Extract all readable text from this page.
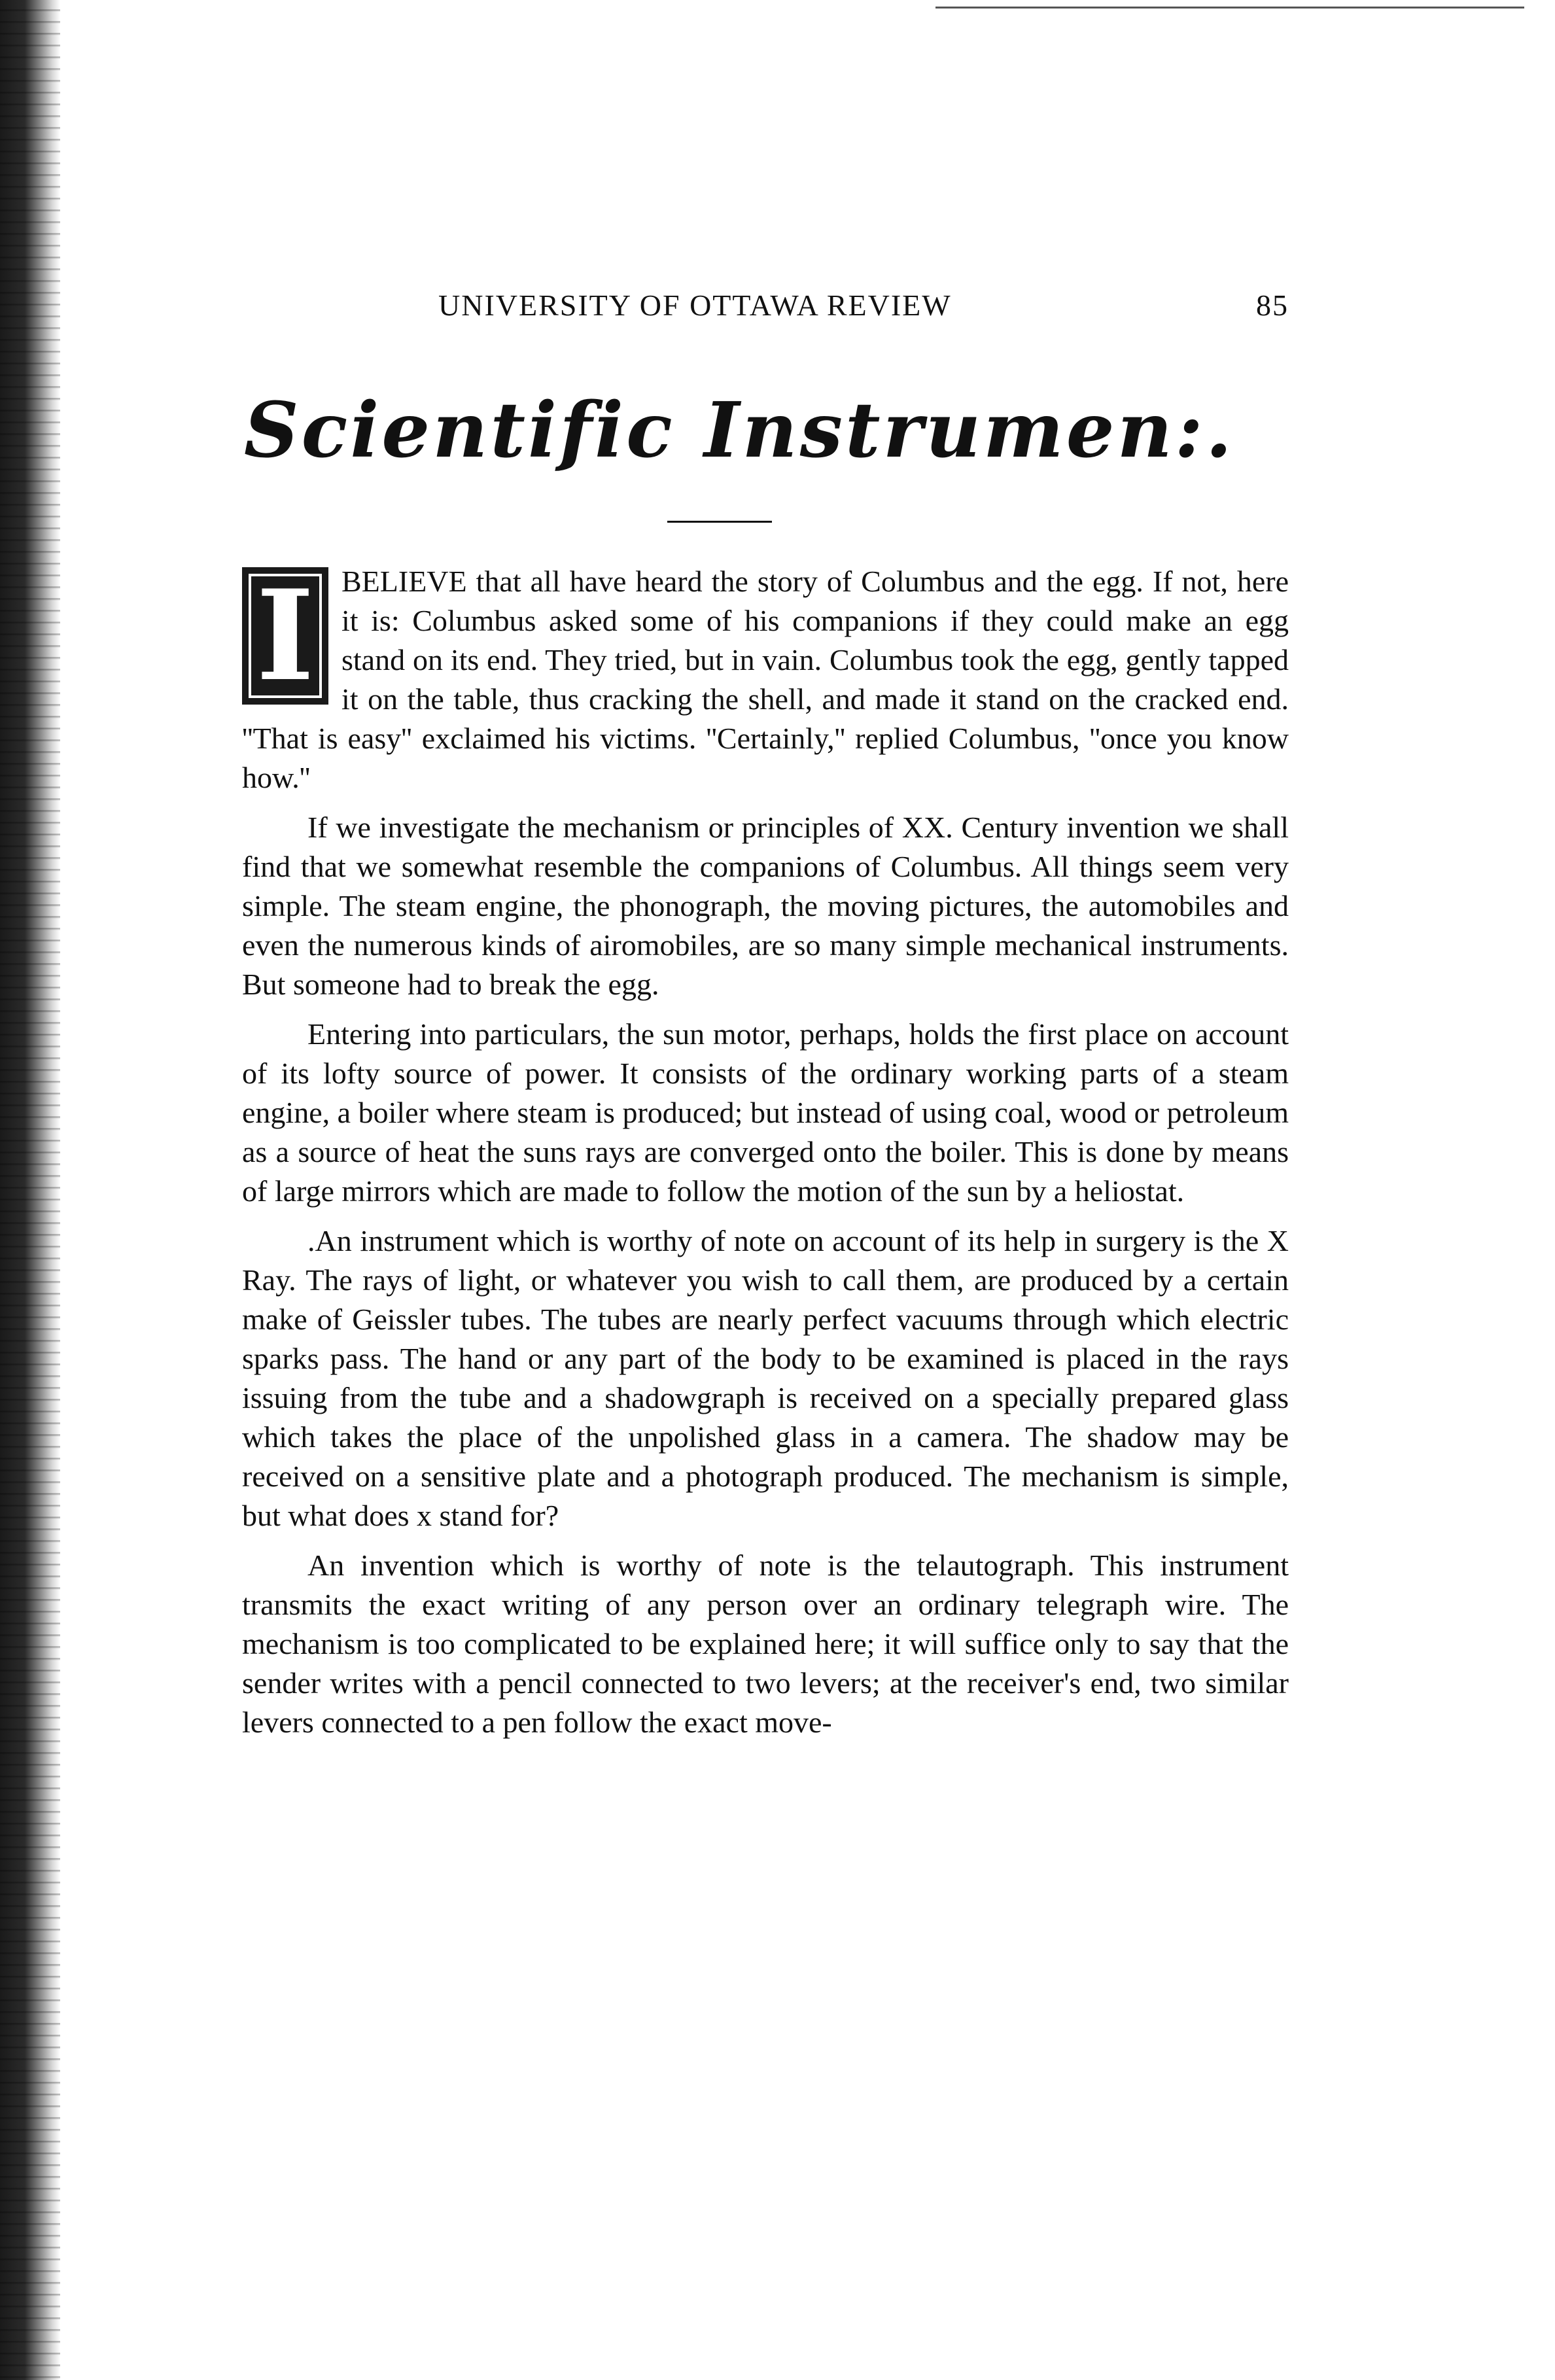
UNIVERSITY OF OTTAWA REVIEW	85
Scientific Instrumen:.

I BELIEVE that all have heard the story of Columbus and the egg. If not, here it is: Columbus asked some of his companions if they could make an egg stand on its end. They tried, but in vain. Columbus took the egg, gently tapped it on the table, thus cracking the shell, and made it stand on the cracked end. ''That is easy'' exclaimed his victims. ''Certainly,'' replied Columbus, ''once you know how.''

If we investigate the mechanism or principles of XX. Century invention we shall find that we somewhat resemble the companions of Columbus. All things seem very simple. The steam engine, the phonograph, the moving pictures, the automobiles and even the numerous kinds of airomobiles, are so many simple mechanical instruments. But someone had to break the egg.

Entering into particulars, the sun motor, perhaps, holds the first place on account of its lofty source of power. It consists of the ordinary working parts of a steam engine, a boiler where steam is produced; but instead of using coal, wood or petroleum as a source of heat the suns rays are converged onto the boiler. This is done by means of large mirrors which are made to follow the motion of the sun by a heliostat.

.An instrument which is worthy of note on account of its help in surgery is the X Ray. The rays of light, or whatever you wish to call them, are produced by a certain make of Geissler tubes. The tubes are nearly perfect vacuums through which electric sparks pass. The hand or any part of the body to be examined is placed in the rays issuing from the tube and a shadowgraph is received on a specially prepared glass which takes the place of the unpolished glass in a camera. The shadow may be received on a sensitive plate and a photograph produced. The mechanism is simple, but what does x stand for?

An invention which is worthy of note is the telautograph. This instrument transmits the exact writing of any person over an ordinary telegraph wire. The mechanism is too complicated to be explained here; it will suffice only to say that the sender writes with a pencil connected to two levers; at the receiver's end, two similar levers connected to a pen follow the exact move-
